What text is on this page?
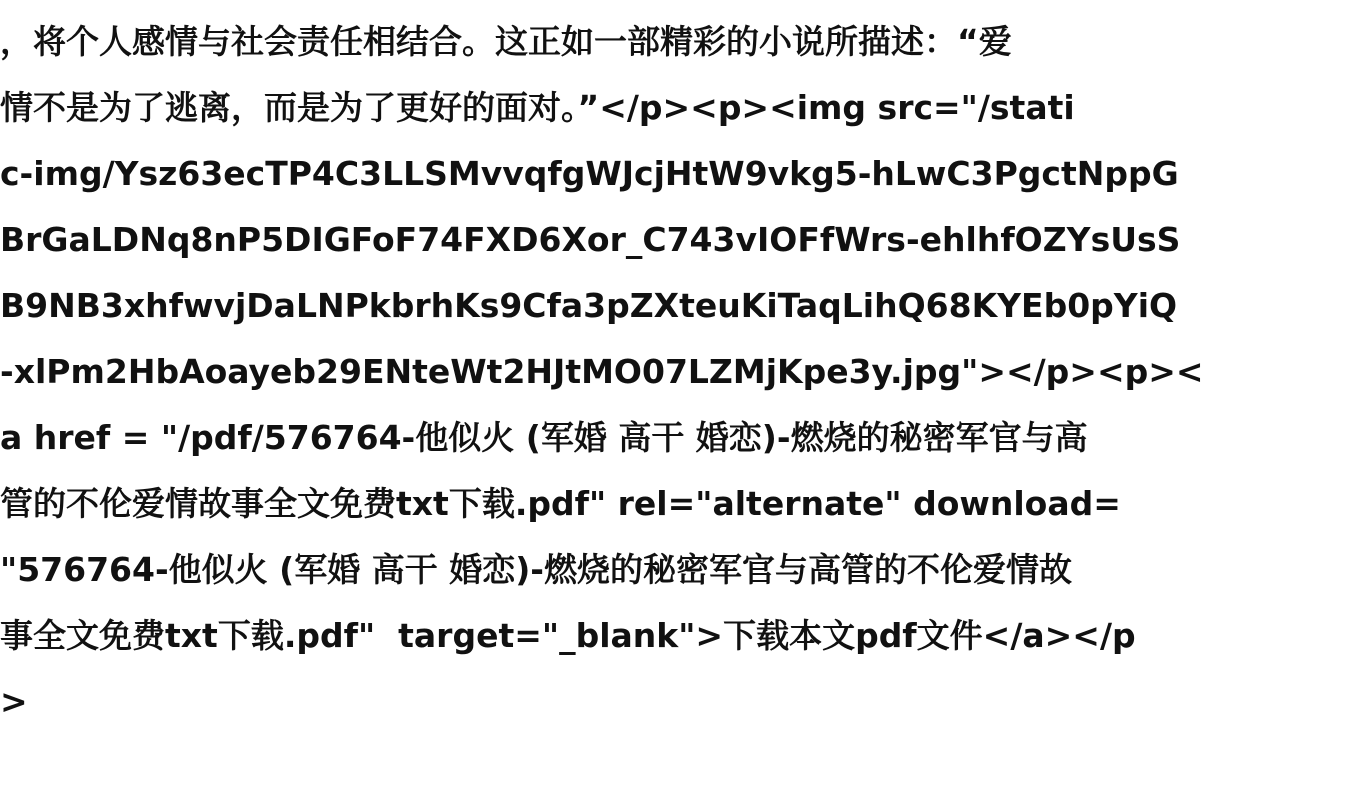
，将个人感情与社会责任相结合。这正如一部精彩的小说所描述：“爱
情不是为了逃离，而是为了更好的面对。”</p><p><img src="/stati
c-img/Ysz63ecTP4C3LLSMvvqfgWJcjHtW9vkg5-hLwC3PgctNppG
BrGaLDNq8nP5DIGFoF74FXD6Xor_C743vIOFfWrs-ehlhfOZYsUsS
B9NB3xhfwvjDaLNPkbrhKs9Cfa3pZXteuKiTaqLihQ68KYEb0pYiQ
-xlPm2HbAoayeb29ENteWt2HJtMO07LZMjKpe3y.jpg"></p><p><
a href = "/pdf/576764-他似火 (军婚 高干 婚恋)-燃烧的秘密军官与高
管的不伦爱情故事全文免费txt下载.pdf" rel="alternate" download=
"576764-他似火 (军婚 高干 婚恋)-燃烧的秘密军官与高管的不伦爱情故
事全文免费txt下载.pdf"  target="_blank">下载本文pdf文件</a></p
>
